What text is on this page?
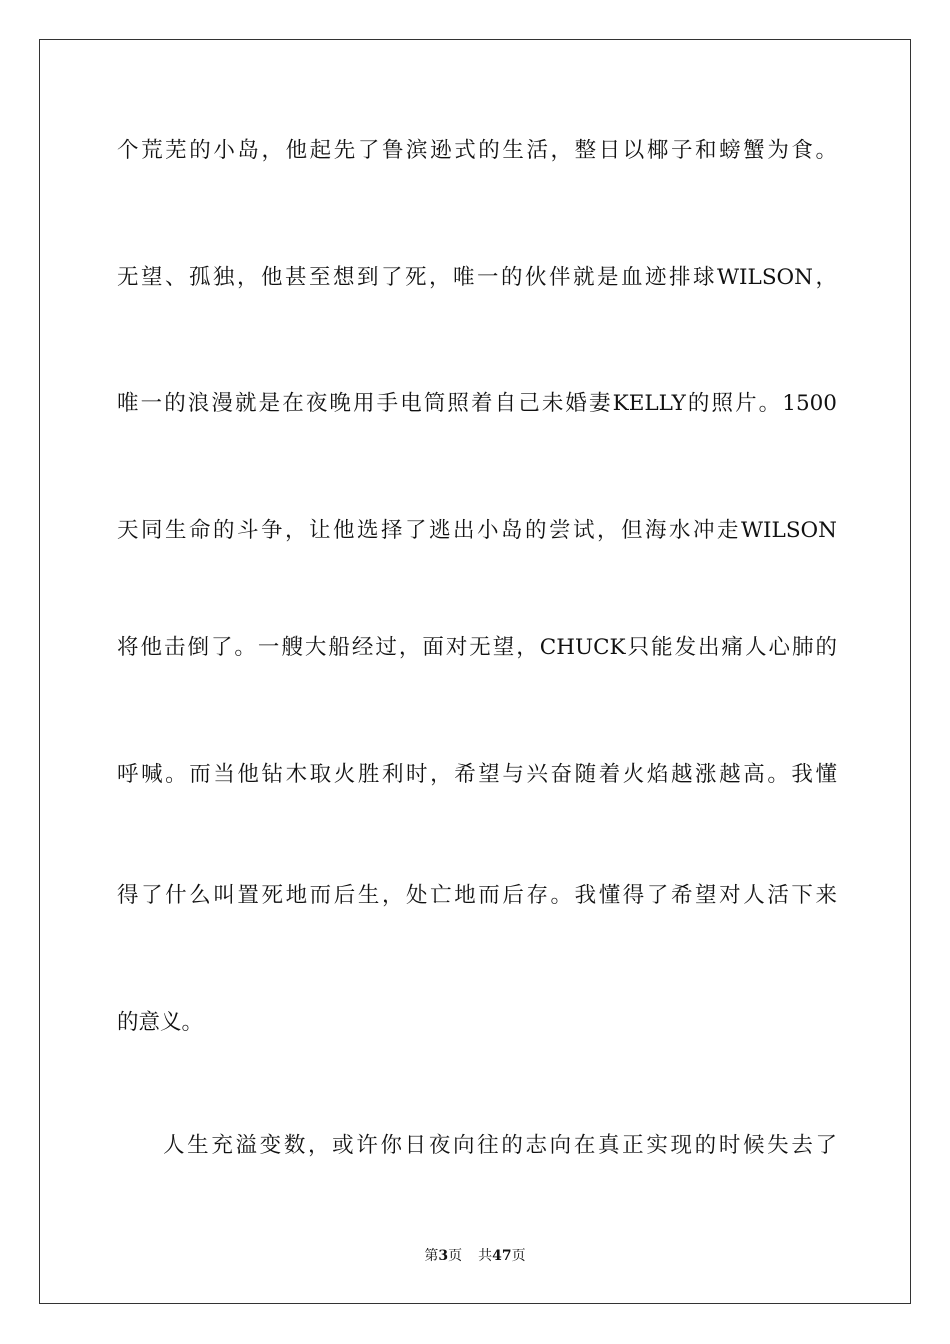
个荒芜的小岛，他起先了鲁滨逊式的生活，整日以椰子和螃蟹为食。
无望、孤独，他甚至想到了死，唯一的伙伴就是血迹排球WILSON，
唯一的浪漫就是在夜晚用手电筒照着自己未婚妻KELLY的照片。1500
天同生命的斗争，让他选择了逃出小岛的尝试，但海水冲走WILSON
将他击倒了。一艘大船经过，面对无望，CHUCK只能发出痛人心肺的
呼喊。而当他钻木取火胜利时，希望与兴奋随着火焰越涨越高。我懂
得了什么叫置死地而后生，处亡地而后存。我懂得了希望对人活下来
的意义。
人生充溢变数，或许你日夜向往的志向在真正实现的时候失去了
第3页 共47页
